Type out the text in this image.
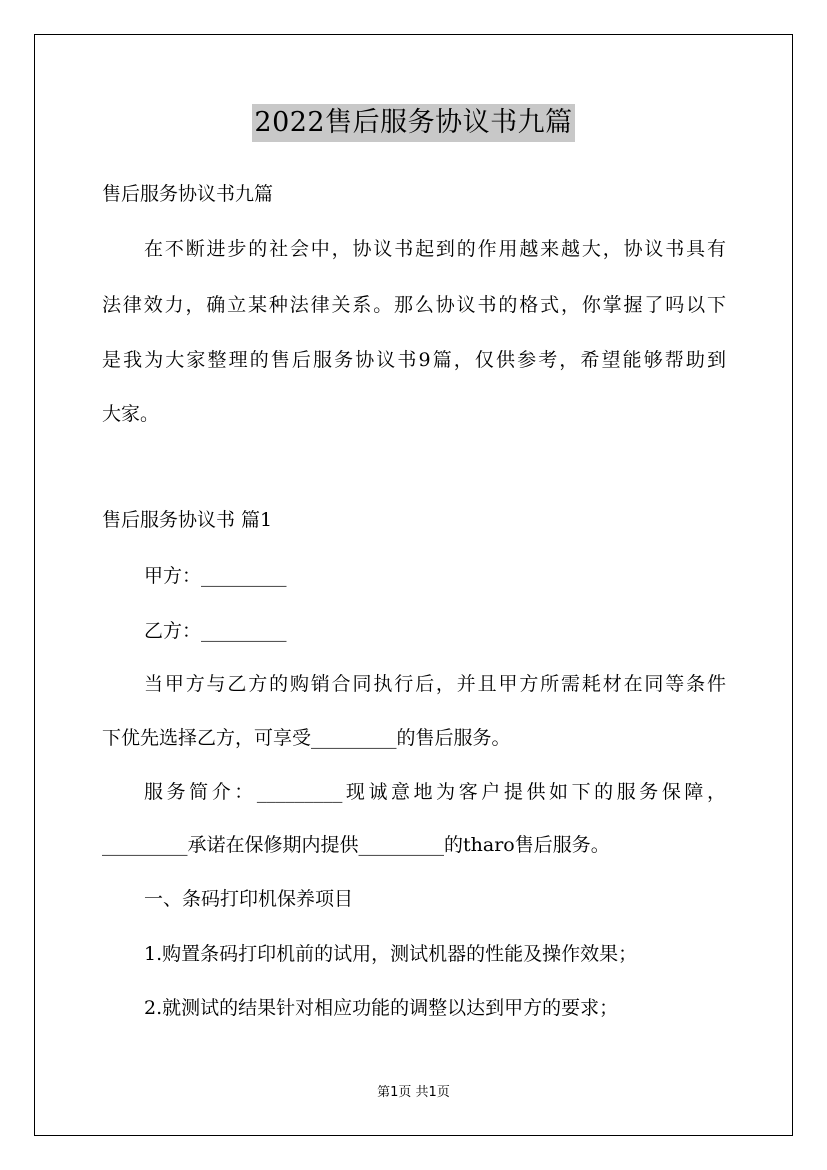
2022售后服务协议书九篇
售后服务协议书九篇
在不断进步的社会中，协议书起到的作用越来越大，协议书具有
法律效力，确立某种法律关系。那么协议书的格式，你掌握了吗以下
是我为大家整理的售后服务协议书9篇，仅供参考，希望能够帮助到
大家。
售后服务协议书 篇1
甲方：_________
乙方：_________
当甲方与乙方的购销合同执行后，并且甲方所需耗材在同等条件
下优先选择乙方，可享受_________的售后服务。
服务简介：_________现诚意地为客户提供如下的服务保障，
_________承诺在保修期内提供_________的tharo售后服务。
一、条码打印机保养项目
1.购置条码打印机前的试用，测试机器的性能及操作效果；
2.就测试的结果针对相应功能的调整以达到甲方的要求；
第1页 共1页
